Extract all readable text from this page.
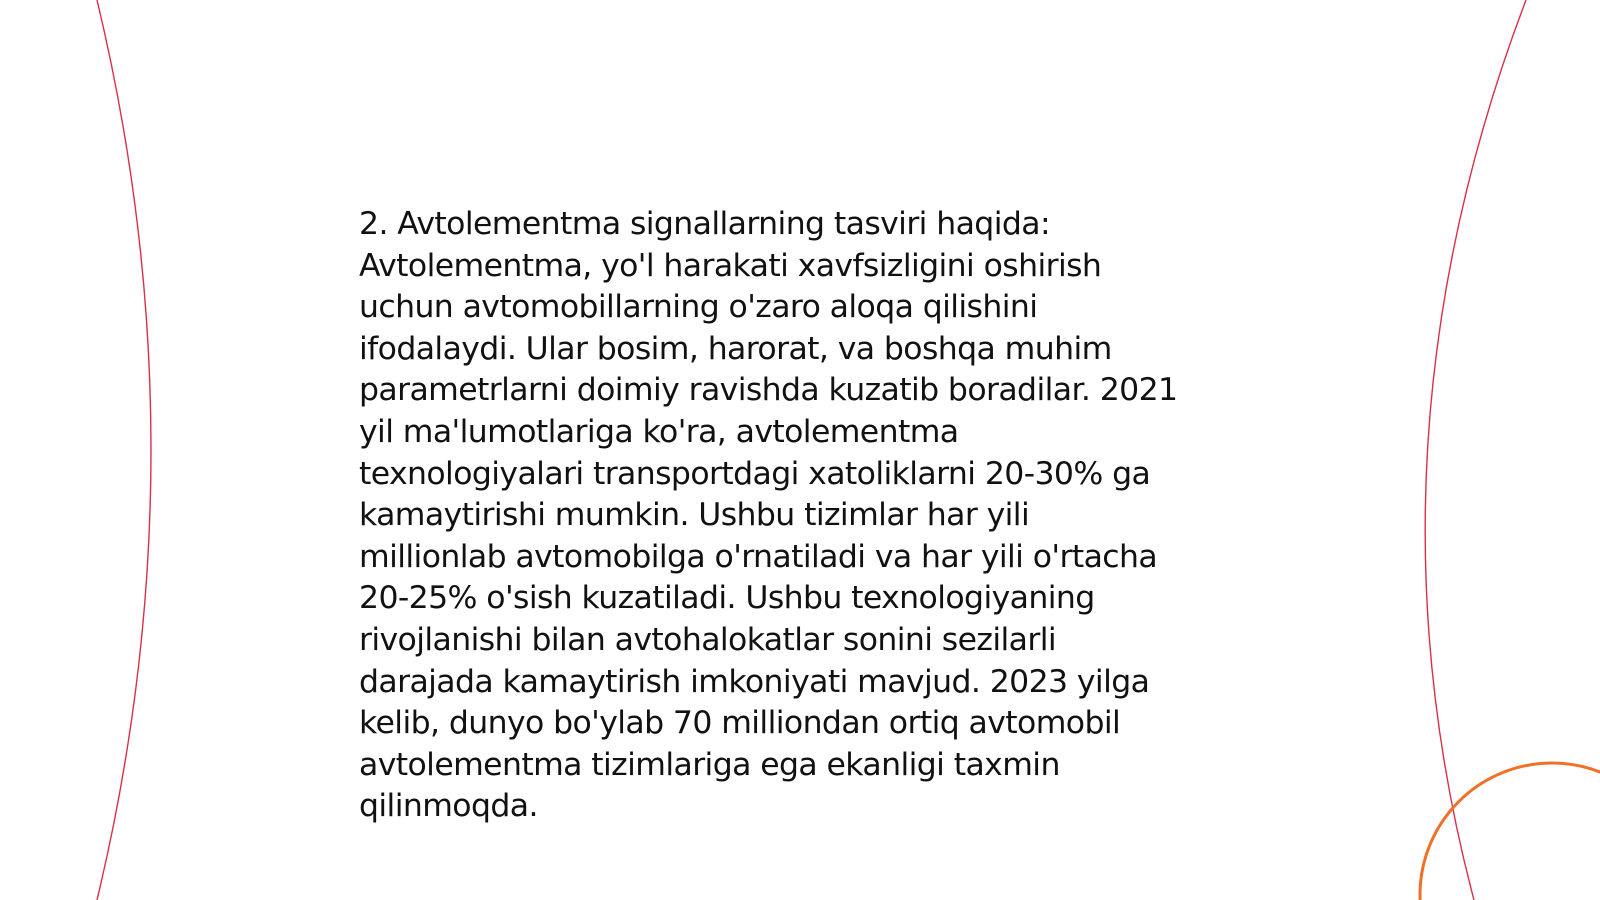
2. Avtolementma signallarning tasviri haqida:
Avtolementma, yo'l harakati xavfsizligini oshirish
uchun avtomobillarning o'zaro aloqa qilishini
ifodalaydi. Ular bosim, harorat, va boshqa muhim
parametrlarni doimiy ravishda kuzatib boradilar. 2021
yil ma'lumotlariga ko'ra, avtolementma
texnologiyalari transportdagi xatoliklarni 20-30% ga
kamaytirishi mumkin. Ushbu tizimlar har yili
millionlab avtomobilga o'rnatiladi va har yili o'rtacha
20-25% o'sish kuzatiladi. Ushbu texnologiyaning
rivojlanishi bilan avtohalokatlar sonini sezilarli
darajada kamaytirish imkoniyati mavjud. 2023 yilga
kelib, dunyo bo'ylab 70 milliondan ortiq avtomobil
avtolementma tizimlariga ega ekanligi taxmin
qilinmoqda.
